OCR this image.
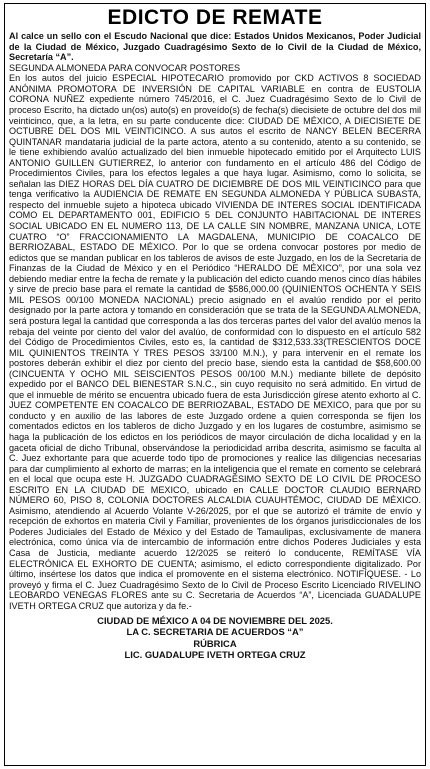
EDICTO DE REMATE

Al calce un sello con el Escudo Nacional que dice: Estados Unidos Mexicanos, Poder Judicial de la Ciudad de México, Juzgado Cuadragésimo Sexto de lo Civil de la Ciudad de México, Secretaría “A”.

SEGUNDA ALMONEDA PARA CONVOCAR POSTORES

En los autos del juicio ESPECIAL HIPOTECARIO promovido por CKD ACTIVOS 8 SOCIEDAD ANÓNIMA PROMOTORA DE INVERSIÓN DE CAPITAL VARIABLE en contra de EUSTOLIA CORONA NUÑEZ expediente número 745/2016, el C. Juez Cuadragésimo Sexto de lo Civil de proceso Escrito, ha dictado un(os) auto(s) en proveído(s) de fecha(s) diecisiete de octubre del dos mil veinticinco, que, a la letra, en su parte conducente dice: CIUDAD DE MÉXICO, A DIECISIETE DE OCTUBRE DEL DOS MIL VEINTICINCO. A sus autos el escrito de NANCY BELEN BECERRA QUINTANAR mandataria judicial de la parte actora, atento a su contenido, atento a su contenido, se le tiene exhibiendo avalúo actualizado del bien inmueble hipotecado emitido por el Arquitecto LUIS ANTONIO GUILLEN GUTIERREZ, lo anterior con fundamento en el artículo 486 del Código de Procedimientos Civiles, para los efectos legales a que haya lugar. Asimismo, como lo solicita, se señalan las DIEZ HORAS DEL DÍA CUATRO DE DICIEMBRE DE DOS MIL VEINTICINCO para que tenga verificativo la AUDIENCIA DE REMATE EN SEGUNDA ALMONEDA Y PÚBLICA SUBASTA, respecto del inmueble sujeto a hipoteca ubicado VIVIENDA DE INTERES SOCIAL IDENTIFICADA COMO EL DEPARTAMENTO 001, EDIFICIO 5 DEL CONJUNTO HABITACIONAL DE INTERES SOCIAL UBICADO EN EL NUMERO 113, DE LA CALLE SIN NOMBRE, MANZANA UNICA, LOTE CUATRO “O” FRACCIONAMIENTO LA MAGDALENA, MUNICIPIO DE COACALCO DE BERRIOZABAL, ESTADO DE MÉXICO. Por lo que se ordena convocar postores por medio de edictos que se mandan publicar en los tableros de avisos de este Juzgado, en los de la Secretaria de Finanzas de la Ciudad de México y en el Periódico “HERALDO DE MÉXICO”, por una sola vez debiendo mediar entre la fecha de remate y la publicación del edicto cuando menos cinco días hábiles y sirve de precio base para el remate la cantidad de $586,000.00 (QUINIENTOS OCHENTA Y SEIS MIL PESOS 00/100 MONEDA NACIONAL) precio asignado en el avalúo rendido por el perito designado por la parte actora y tomando en consideración que se trata de la SEGUNDA ALMONEDA, será postura legal la cantidad que corresponda a las dos terceras partes del valor del avalúo menos la rebaja del veinte por ciento del valor del avalúo, de conformidad con lo dispuesto en el artículo 582 del Código de Procedimientos Civiles, esto es, la cantidad de $312,533.33(TRESCIENTOS DOCE MIL QUINIENTOS TREINTA Y TRES PESOS 33/100 M.N.), y para intervenir en el remate los postores deberán exhibir el diez por ciento del precio base, siendo esta la cantidad de $58,600.00 (CINCUENTA Y OCHO MIL SEISCIENTOS PESOS 00/100 M.N.) mediante billete de depósito expedido por el BANCO DEL BIENESTAR S.N.C., sin cuyo requisito no será admitido. En virtud de que el inmueble de mérito se encuentra ubicado fuera de esta Jurisdicción gírese atento exhorto al C. JUEZ COMPETENTE EN COACALCO DE BERRIOZABAL, ESTADO DE MEXICO, para que por su conducto y en auxilio de las labores de este Juzgado ordene a quien corresponda se fijen los comentados edictos en los tableros de dicho Juzgado y en los lugares de costumbre, asimismo se haga la publicación de los edictos en los periódicos de mayor circulación de dicha localidad y en la gaceta oficial de dicho Tribunal, observándose la periodicidad arriba descrita, asimismo se faculta al C. Juez exhortante para que acuerde todo tipo de promociones y realice las diligencias necesarias para dar cumplimiento al exhorto de marras; en la inteligencia que el remate en comento se celebrará en el local que ocupa este H. JUZGADO CUADRAGÉSIMO SEXTO DE LO CIVIL DE PROCESO ESCRITO EN LA CIUDAD DE MEXICO, ubicado en CALLE DOCTOR CLAUDIO BERNARD NÚMERO 60, PISO 8, COLONIA DOCTORES ALCALDIA CUAUHTÉMOC, CIUDAD DE MÉXICO. Asimismo, atendiendo al Acuerdo Volante V-26/2025, por el que se autorizó el trámite de envío y recepción de exhortos en materia Civil y Familiar, provenientes de los órganos jurisdiccionales de los Poderes Judiciales del Estado de México y del Estado de Tamaulipas, exclusivamente de manera electrónica, como única vía de intercambio de información entre dichos Poderes Judiciales y esta Casa de Justicia, mediante acuerdo 12/2025 se reiteró lo conducente, REMÍTASE VÍA ELECTRÓNICA EL EXHORTO DE CUENTA; asimismo, el edicto correspondiente digitalizado. Por último, insértese los datos que indica el promovente en el sistema electrónico. NOTIFÍQUESE. - Lo proveyó y firma el C. Juez Cuadragésimo Sexto de lo Civil de Proceso Escrito Licenciado RIVELINO LEOBARDO VENEGAS FLORES ante su C. Secretaria de Acuerdos “A”, Licenciada GUADALUPE IVETH ORTEGA CRUZ que autoriza y da fe.-

CIUDAD DE MÉXICO A 04 DE NOVIEMBRE DEL 2025.
LA C. SECRETARIA DE ACUERDOS “A”
RÚBRICA
LIC. GUADALUPE IVETH ORTEGA CRUZ
